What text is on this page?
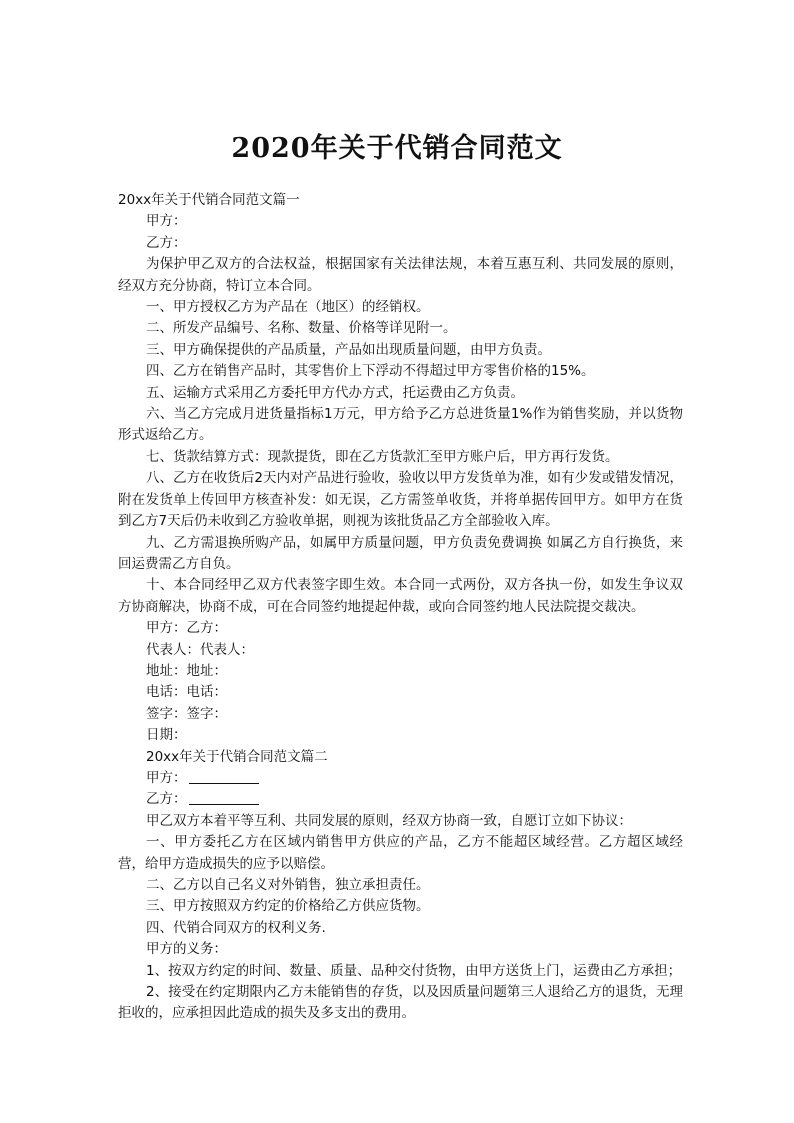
2020年关于代销合同范文

20xx年关于代销合同范文篇一

甲方：

乙方：

为保护甲乙双方的合法权益，根据国家有关法律法规，本着互惠互利、共同发展的原则，经双方充分协商，特订立本合同。

一、甲方授权乙方为产品在（地区）的经销权。

二、所发产品编号、名称、数量、价格等详见附一。

三、甲方确保提供的产品质量，产品如出现质量问题，由甲方负责。

四、乙方在销售产品时，其零售价上下浮动不得超过甲方零售价格的15%。

五、运输方式采用乙方委托甲方代办方式，托运费由乙方负责。

六、当乙方完成月进货量指标1万元，甲方给予乙方总进货量1%作为销售奖励，并以货物形式返给乙方。

七、货款结算方式：现款提货，即在乙方货款汇至甲方账户后，甲方再行发货。

八、乙方在收货后2天内对产品进行验收，验收以甲方发货单为准，如有少发或错发情况，附在发货单上传回甲方核查补发：如无误，乙方需签单收货，并将单据传回甲方。如甲方在货到乙方7天后仍未收到乙方验收单据，则视为该批货品乙方全部验收入库。

九、乙方需退换所购产品，如属甲方质量问题，甲方负责免费调换 如属乙方自行换货，来回运费需乙方自负。

十、本合同经甲乙双方代表签字即生效。本合同一式两份，双方各执一份，如发生争议双方协商解决，协商不成，可在合同签约地提起仲裁，或向合同签约地人民法院提交裁决。

甲方：乙方：

代表人：代表人：

地址：地址：

电话：电话：

签字：签字：

日期：

20xx年关于代销合同范文篇二

甲方：

乙方：

甲乙双方本着平等互利、共同发展的原则，经双方协商一致，自愿订立如下协议：

一、甲方委托乙方在区域内销售甲方供应的产品，乙方不能超区域经营。乙方超区域经营，给甲方造成损失的应予以赔偿。

二、乙方以自己名义对外销售，独立承担责任。

三、甲方按照双方约定的价格给乙方供应货物。

四、代销合同双方的权利义务.

甲方的义务：

1、按双方约定的时间、数量、质量、品种交付货物，由甲方送货上门，运费由乙方承担；

2、接受在约定期限内乙方未能销售的存货，以及因质量问题第三人退给乙方的退货，无理拒收的，应承担因此造成的损失及多支出的费用。
